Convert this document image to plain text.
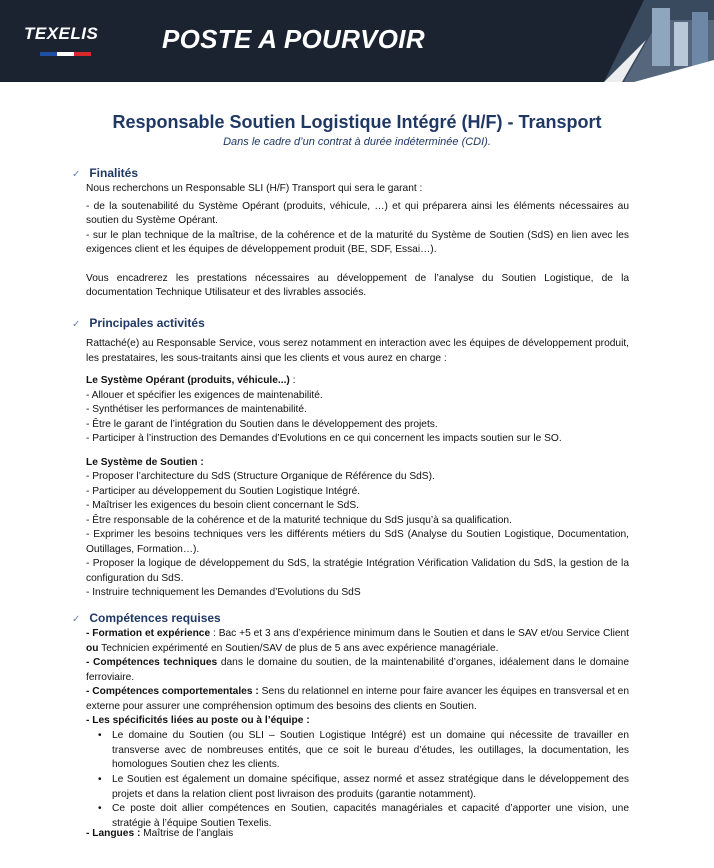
TEXELIS POSTE A POURVOIR
Responsable Soutien Logistique Intégré (H/F) - Transport
Dans le cadre d’un contrat à durée indéterminée (CDI).
✓ Finalités

Nous recherchons un Responsable SLI (H/F) Transport qui sera le garant :

- de la soutenabilité du Système Opérant (produits, véhicule, …) et qui préparera ainsi les éléments nécessaires au soutien du Système Opérant.

- sur le plan technique de la maîtrise, de la cohérence et de la maturité du Système de Soutien (SdS) en lien avec les exigences client et les équipes de développement produit (BE, SDF, Essai…).

Vous encadrerez les prestations nécessaires au développement de l’analyse du Soutien Logistique, de la documentation Technique Utilisateur et des livrables associés.

✓ Principales activités

Rattaché(e) au Responsable Service, vous serez notamment en interaction avec les équipes de développement produit, les prestataires, les sous-traitants ainsi que les clients et vous aurez en charge :

Le Système Opérant (produits, véhicule...) :

- Allouer et spécifier les exigences de maintenabilité.

- Synthétiser les performances de maintenabilité.

- Être le garant de l’intégration du Soutien dans le développement des projets.

- Participer à l’instruction des Demandes d’Evolutions en ce qui concernent les impacts soutien sur le SO.

Le Système de Soutien :

- Proposer l’architecture du SdS (Structure Organique de Référence du SdS).

- Participer au développement du Soutien Logistique Intégré.

- Maîtriser les exigences du besoin client concernant le SdS.

- Être responsable de la cohérence et de la maturité technique du SdS jusqu’à sa qualification.

- Exprimer les besoins techniques vers les différents métiers du SdS (Analyse du Soutien Logistique, Documentation, Outillages, Formation…).

- Proposer la logique de développement du SdS, la stratégie Intégration Vérification Validation du SdS, la gestion de la configuration du SdS.

- Instruire techniquement les Demandes d’Evolutions du SdS

✓ Compétences requises

- Formation et expérience : Bac +5 et 3 ans d’expérience minimum dans le Soutien et dans le SAV et/ou Service Client ou Technicien expérimenté en Soutien/SAV de plus de 5 ans avec expérience managériale.

- Compétences techniques dans le domaine du soutien, de la maintenabilité d’organes, idéalement dans le domaine ferroviaire.

- Compétences comportementales : Sens du relationnel en interne pour faire avancer les équipes en transversal et en externe pour assurer une compréhension optimum des besoins des clients en Soutien.

- Les spécificités liées au poste ou à l’équipe :

• Le domaine du Soutien (ou SLI – Soutien Logistique Intégré) est un domaine qui nécessite de travailler en transverse avec de nombreuses entités, que ce soit le bureau d’études, les outillages, la documentation, les homologues Soutien chez les clients.
• Le Soutien est également un domaine spécifique, assez normé et assez stratégique dans le développement des projets et dans la relation client post livraison des produits (garantie notamment).
• Ce poste doit allier compétences en Soutien, capacités managériales et capacité d’apporter une vision, une stratégie à l’équipe Soutien Texelis.

- Langues : Maîtrise de l’anglais
